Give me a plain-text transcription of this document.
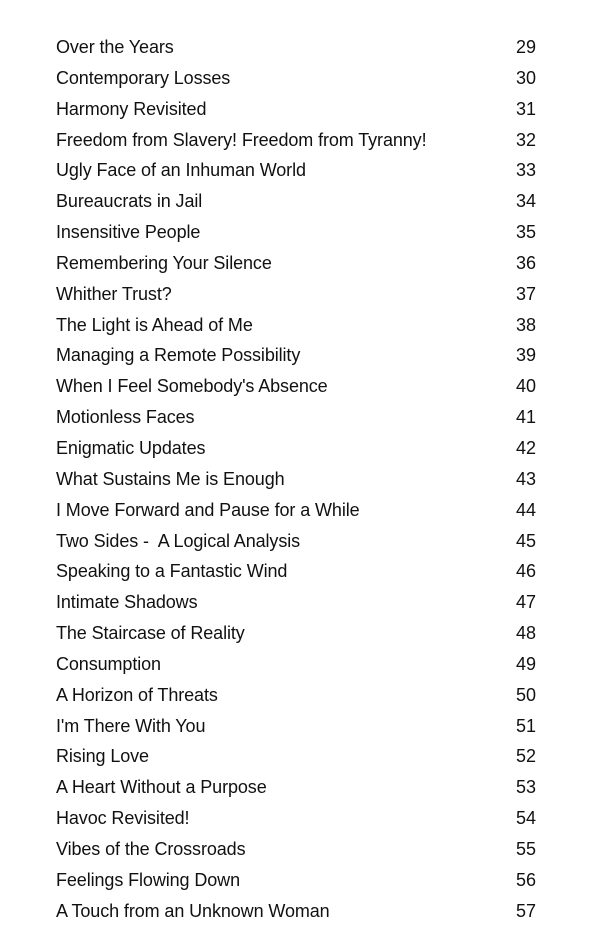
Over the Years	29
Contemporary Losses	30
Harmony Revisited	31
Freedom from Slavery! Freedom from Tyranny!	32
Ugly Face of an Inhuman World	33
Bureaucrats in Jail	34
Insensitive People	35
Remembering Your Silence	36
Whither Trust?	37
The Light is Ahead of Me	38
Managing a Remote Possibility	39
When I Feel Somebody's Absence	40
Motionless Faces	41
Enigmatic Updates	42
What Sustains Me is Enough	43
I Move Forward and Pause for a While	44
Two Sides -  A Logical Analysis	45
Speaking to a Fantastic Wind	46
Intimate Shadows	47
The Staircase of Reality	48
Consumption	49
A Horizon of Threats	50
I'm There With You	51
Rising Love	52
A Heart Without a Purpose	53
Havoc Revisited!	54
Vibes of the Crossroads	55
Feelings Flowing Down	56
A Touch from an Unknown Woman	57
